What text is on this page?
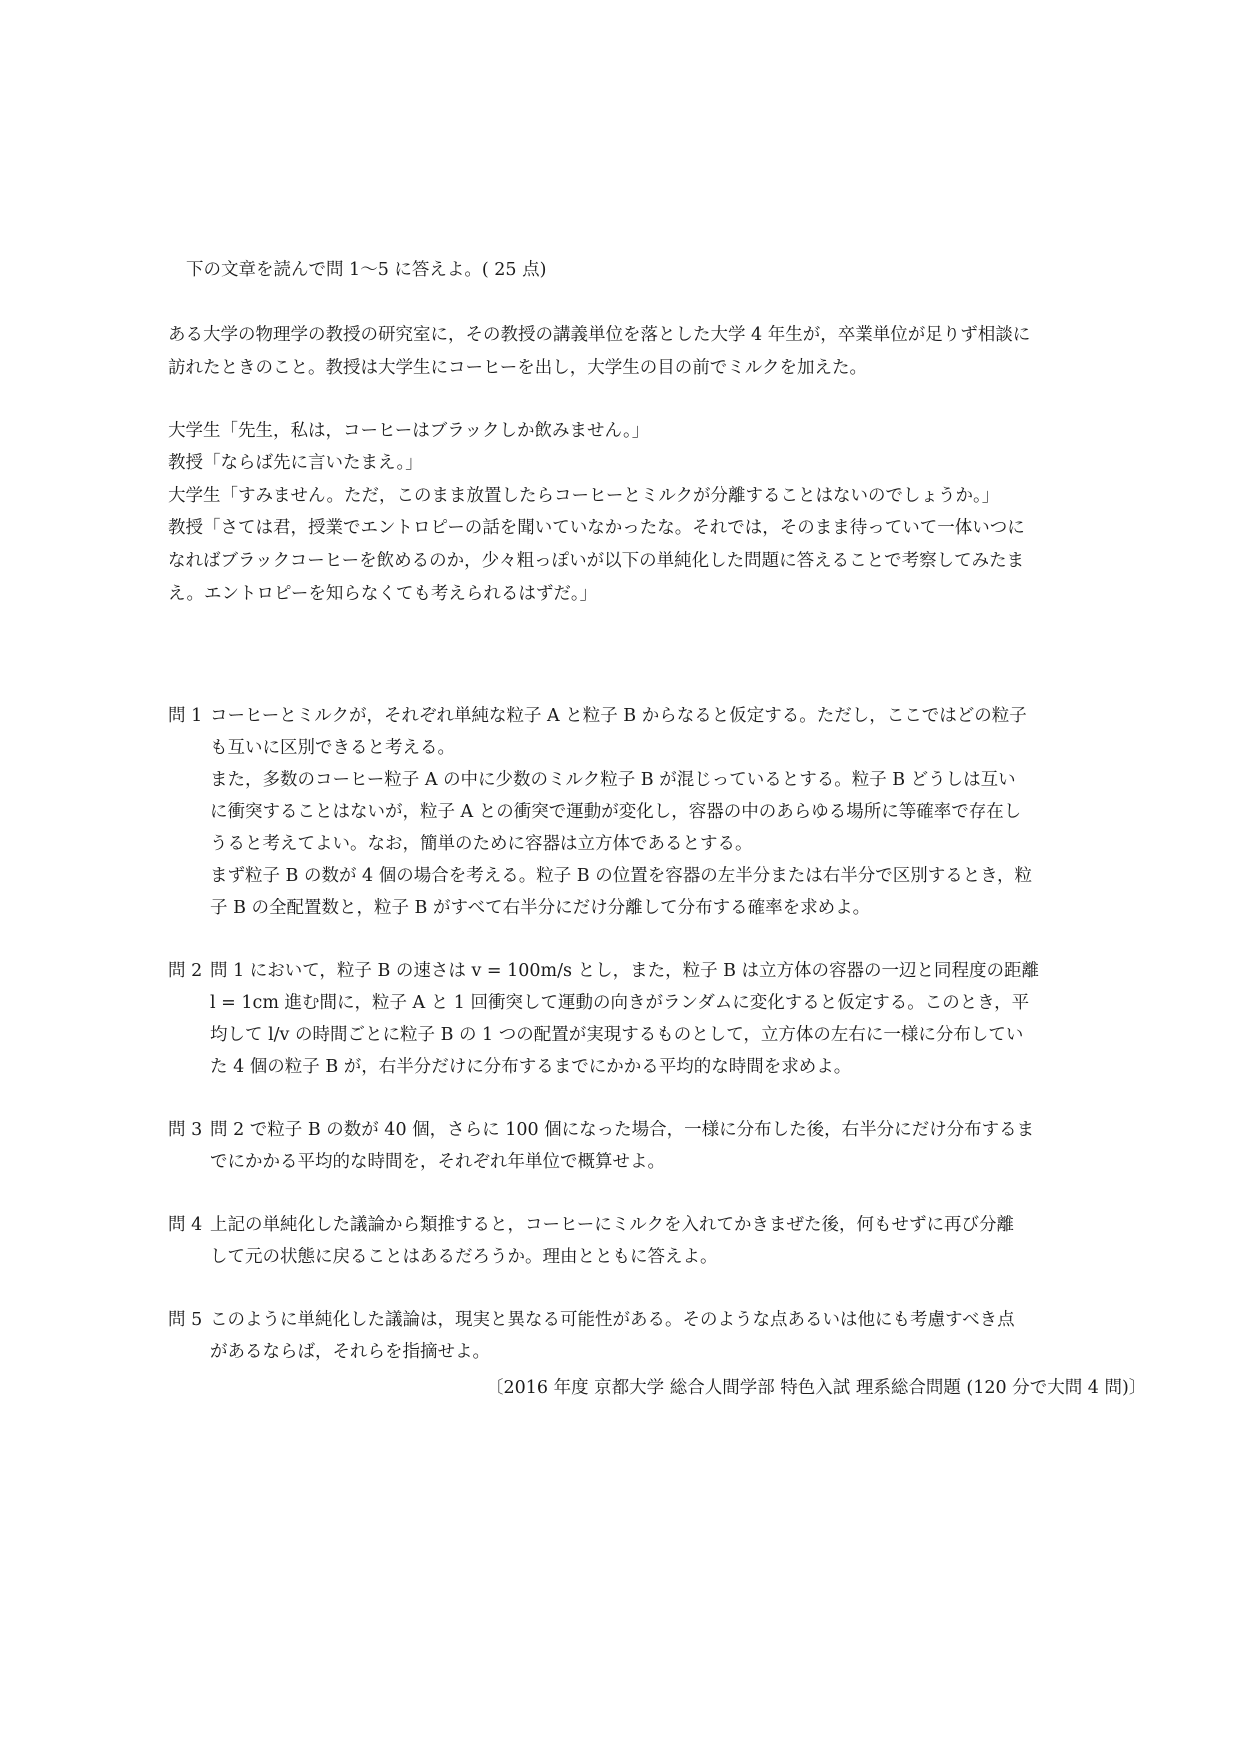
下の文章を読んで問 1〜5 に答えよ。( 25 点)
ある大学の物理学の教授の研究室に，その教授の講義単位を落とした大学 4 年生が，卒業単位が足りず相談に
訪れたときのこと。教授は大学生にコーヒーを出し，大学生の目の前でミルクを加えた。
大学生「先生，私は，コーヒーはブラックしか飲みません。」
教授「ならば先に言いたまえ。」
大学生「すみません。ただ，このまま放置したらコーヒーとミルクが分離することはないのでしょうか。」
教授「さては君，授業でエントロピーの話を聞いていなかったな。それでは，そのまま待っていて一体いつに
なればブラックコーヒーを飲めるのか，少々粗っぽいが以下の単純化した問題に答えることで考察してみたま
え。エントロピーを知らなくても考えられるはずだ。」
問 1 コーヒーとミルクが，それぞれ単純な粒子 A と粒子 B からなると仮定する。ただし，ここではどの粒子
も互いに区別できると考える。
また，多数のコーヒー粒子 A の中に少数のミルク粒子 B が混じっているとする。粒子 B どうしは互い
に衝突することはないが，粒子 A との衝突で運動が変化し，容器の中のあらゆる場所に等確率で存在し
うると考えてよい。なお，簡単のために容器は立方体であるとする。
まず粒子 B の数が 4 個の場合を考える。粒子 B の位置を容器の左半分または右半分で区別するとき，粒
子 B の全配置数と，粒子 B がすべて右半分にだけ分離して分布する確率を求めよ。
問 2 問 1 において，粒子 B の速さは v = 100m/s とし，また，粒子 B は立方体の容器の一辺と同程度の距離
l = 1cm 進む間に，粒子 A と 1 回衝突して運動の向きがランダムに変化すると仮定する。このとき，平
均して l/v の時間ごとに粒子 B の 1 つの配置が実現するものとして，立方体の左右に一様に分布してい
た 4 個の粒子 B が，右半分だけに分布するまでにかかる平均的な時間を求めよ。
問 3 問 2 で粒子 B の数が 40 個，さらに 100 個になった場合，一様に分布した後，右半分にだけ分布するま
でにかかる平均的な時間を，それぞれ年単位で概算せよ。
問 4 上記の単純化した議論から類推すると，コーヒーにミルクを入れてかきまぜた後，何もせずに再び分離
して元の状態に戻ることはあるだろうか。理由とともに答えよ。
問 5 このように単純化した議論は，現実と異なる可能性がある。そのような点あるいは他にも考慮すべき点
があるならば，それらを指摘せよ。
〔2016 年度 京都大学 総合人間学部 特色入試 理系総合問題 (120 分で大問 4 問)〕
